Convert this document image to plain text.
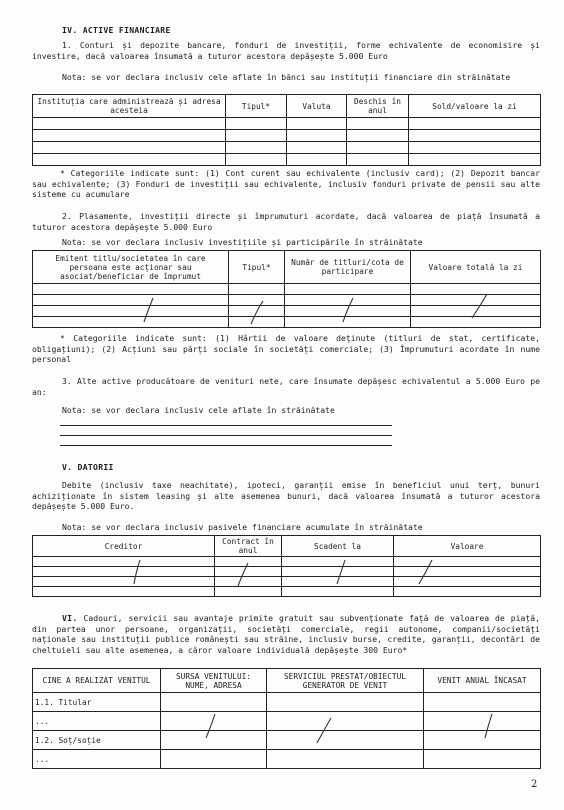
IV. ACTIVE FINANCIARE
1. Conturi și depozite bancare, fonduri de investiții, forme echivalente de economisire și investire, dacă valoarea însumată a tuturor acestora depășește 5.000 Euro
Nota: se vor declara inclusiv cele aflate în bănci sau instituții financiare din străinătate
Instituția care administrează și adresa acesteia	Tipul*	Valuta	Deschis în anul	Sold/valoare la zi

* Categoriile indicate sunt: (1) Cont curent sau echivalente (inclusiv card); (2) Depozit bancar sau echivalente; (3) Fonduri de investiții sau echivalente, inclusiv fonduri private de pensii sau alte sisteme cu acumulare
2. Plasamente, investiții directe și împrumuturi acordate, dacă valoarea de piață însumată a tuturor acestora depășește 5.000 Euro
Nota: se vor declara inclusiv investițiile și participările în străinătate
Emitent titlu/societatea în care persoana este acționar sau asociat/beneficiar de împrumut	Tipul*	Număr de titluri/cota de participare	Valoare totală la zi

* Categoriile indicate sunt: (1) Hârtii de valoare deținute (titluri de stat, certificate, obligațiuni); (2) Acțiuni sau părți sociale în societăți comerciale; (3) Împrumuturi acordate în nume personal
3. Alte active producătoare de venituri nete, care însumate depășesc echivalentul a 5.000 Euro pe an:
Nota: se vor declara inclusiv cele aflate în străinătate
V. DATORII
Debite (inclusiv taxe neachitate), ipoteci, garanții emise în beneficiul unui terț, bunuri achiziționate în sistem leasing și alte asemenea bunuri, dacă valoarea însumată a tuturor acestora depășește 5.000 Euro.
Nota: se vor declara inclusiv pasivele financiare acumulate în străinătate
Creditor	Contract în anul	Scadent la	Valoare

VI. Cadouri, servicii sau avantaje primite gratuit sau subvenționate față de valoarea de piață, din partea unor persoane, organizații, societăți comerciale, regii autonome, companii/societăți naționale sau instituții publice românești sau străine, inclusiv burse, credite, garanții, decontări de cheltuieli sau alte asemenea, a căror valoare individuală depășește 300 Euro*
CINE A REALIZAT VENITUL	SURSA VENITULUI: NUME, ADRESA	SERVICIUL PRESTAT/OBIECTUL GENERATOR DE VENIT	VENIT ANUAL ÎNCASAT
1.1. Titular			
...			
1.2. Soț/soție			
...			
2
